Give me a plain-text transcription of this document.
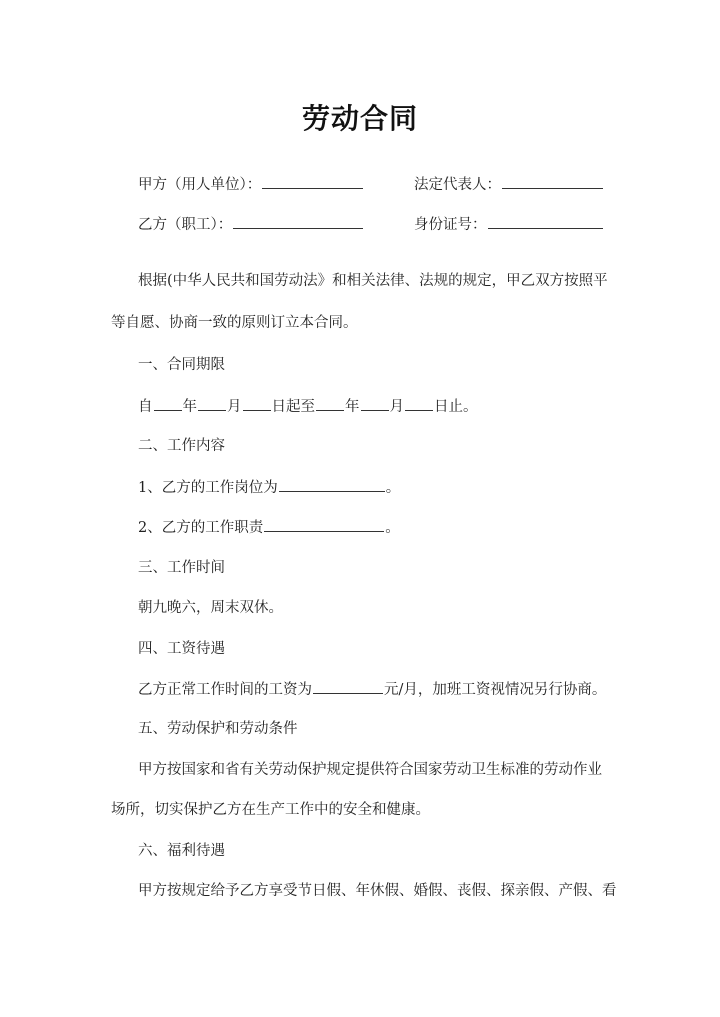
劳动合同
甲方（用人单位）：	法定代表人：
乙方（职工）：	身份证号：
根据(中华人民共和国劳动法》和相关法律、法规的规定，甲乙双方按照平
等自愿、协商一致的原则订立本合同。
一、合同期限
自 年 月 日起至 年 月 日止。
二、工作内容
1、乙方的工作岗位为	。
2、乙方的工作职责	。
三、工作时间
朝九晚六，周末双休。
四、工资待遇
乙方正常工作时间的工资为	元/月，加班工资视情况另行协商。
五、劳动保护和劳动条件
甲方按国家和省有关劳动保护规定提供符合国家劳动卫生标准的劳动作业
场所，切实保护乙方在生产工作中的安全和健康。
六、福利待遇
甲方按规定给予乙方享受节日假、年休假、婚假、丧假、探亲假、产假、看
